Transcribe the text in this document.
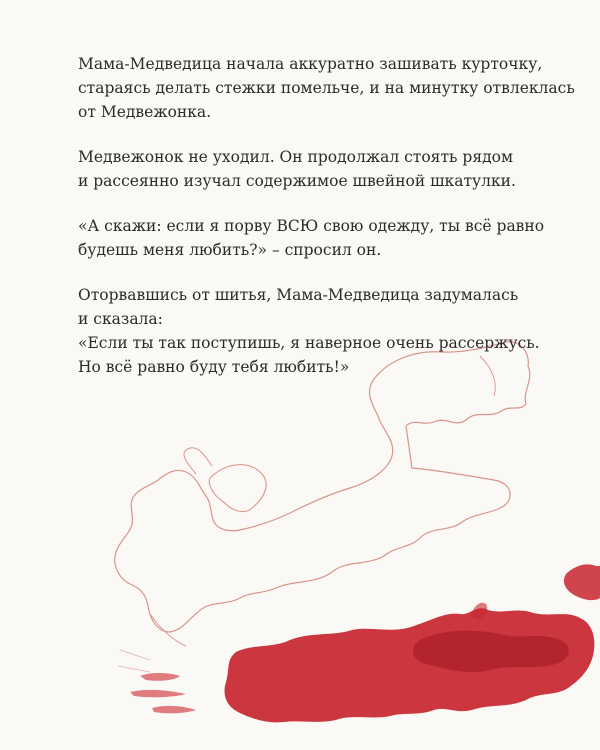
Мама-Медведица начала аккуратно зашивать курточку,
стараясь делать стежки помельче, и на минутку отвлеклась
от Медвежонка.

Медвежонок не уходил. Он продолжал стоять рядом
и рассеянно изучал содержимое швейной шкатулки.

«А скажи: если я порву ВСЮ свою одежду, ты всё равно
будешь меня любить?» – спросил он.

Оторвавшись от шитья, Мама-Медведица задумалась
и сказала:
«Если ты так поступишь, я наверное очень рассержусь.
Но всё равно буду тебя любить!»
